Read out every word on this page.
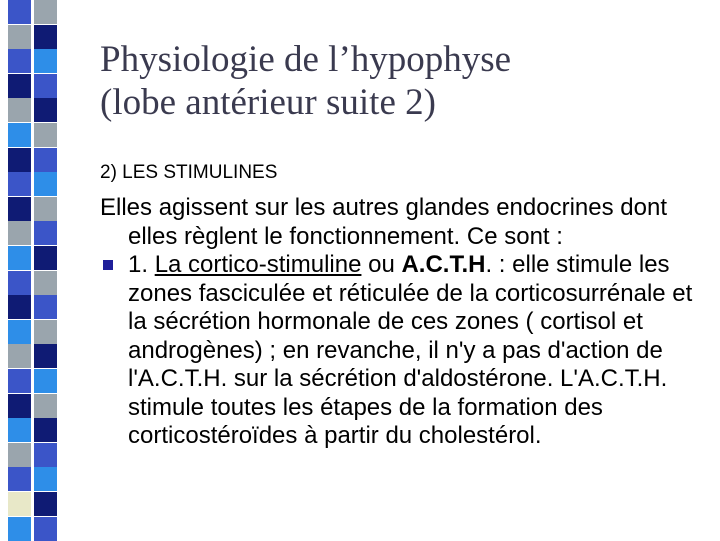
Physiologie de l’hypophyse
(lobe antérieur suite 2)
2) LES STIMULINES

Elles agissent sur les autres glandes endocrines dont elles règlent le fonctionnement. Ce sont :

1. La cortico-stimuline ou A.C.T.H. : elle stimule les zones fasciculée et réticulée de la corticosurrénale et la sécrétion hormonale de ces zones ( cortisol et androgènes) ; en revanche, il n'y a pas d'action de l'A.C.T.H. sur la sécrétion d'aldostérone. L'A.C.T.H. stimule toutes les étapes de la formation des corticostéroïdes à partir du cholestérol.
